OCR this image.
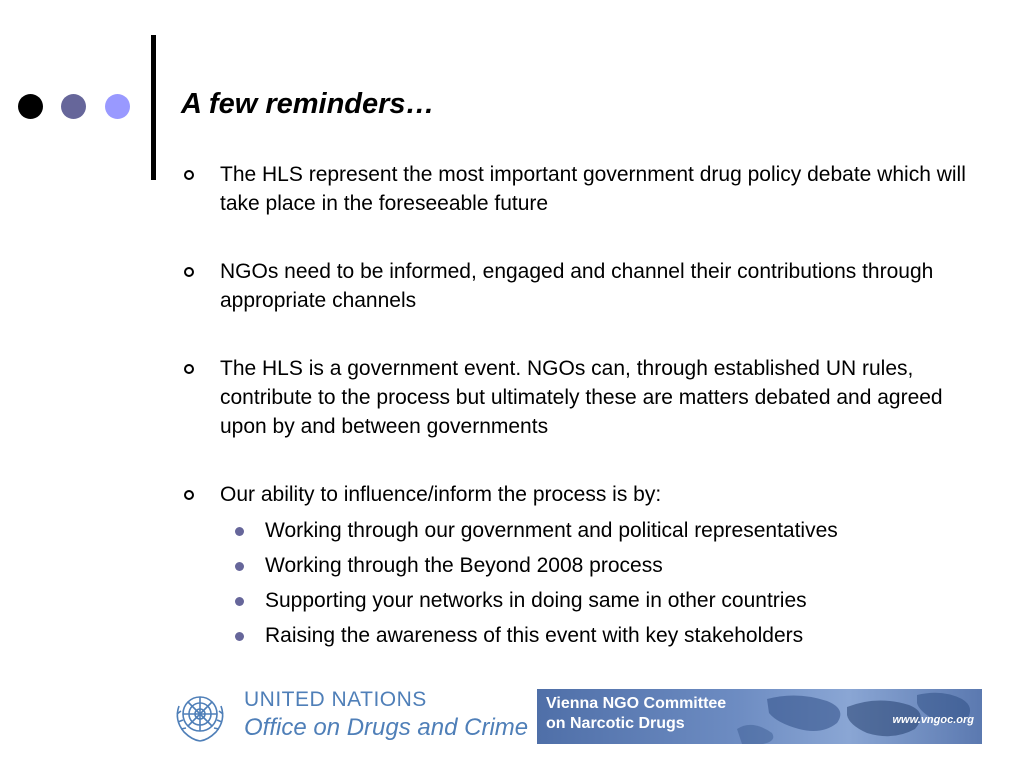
A few reminders…
The HLS represent the most important government drug policy debate which will take place in the foreseeable future
NGOs need to be informed, engaged and channel their contributions through appropriate channels
The HLS is a government event. NGOs can, through established UN rules, contribute to the process but ultimately these are matters debated and agreed upon by and between governments
Our ability to influence/inform the process is by:
Working through our government and political representatives
Working through the Beyond 2008 process
Supporting your networks in doing same in other countries
Raising the awareness of this event with key stakeholders
UNITED NATIONS
Office on Drugs and Crime
Vienna NGO Committee
on Narcotic Drugs	www.vngoc.org
